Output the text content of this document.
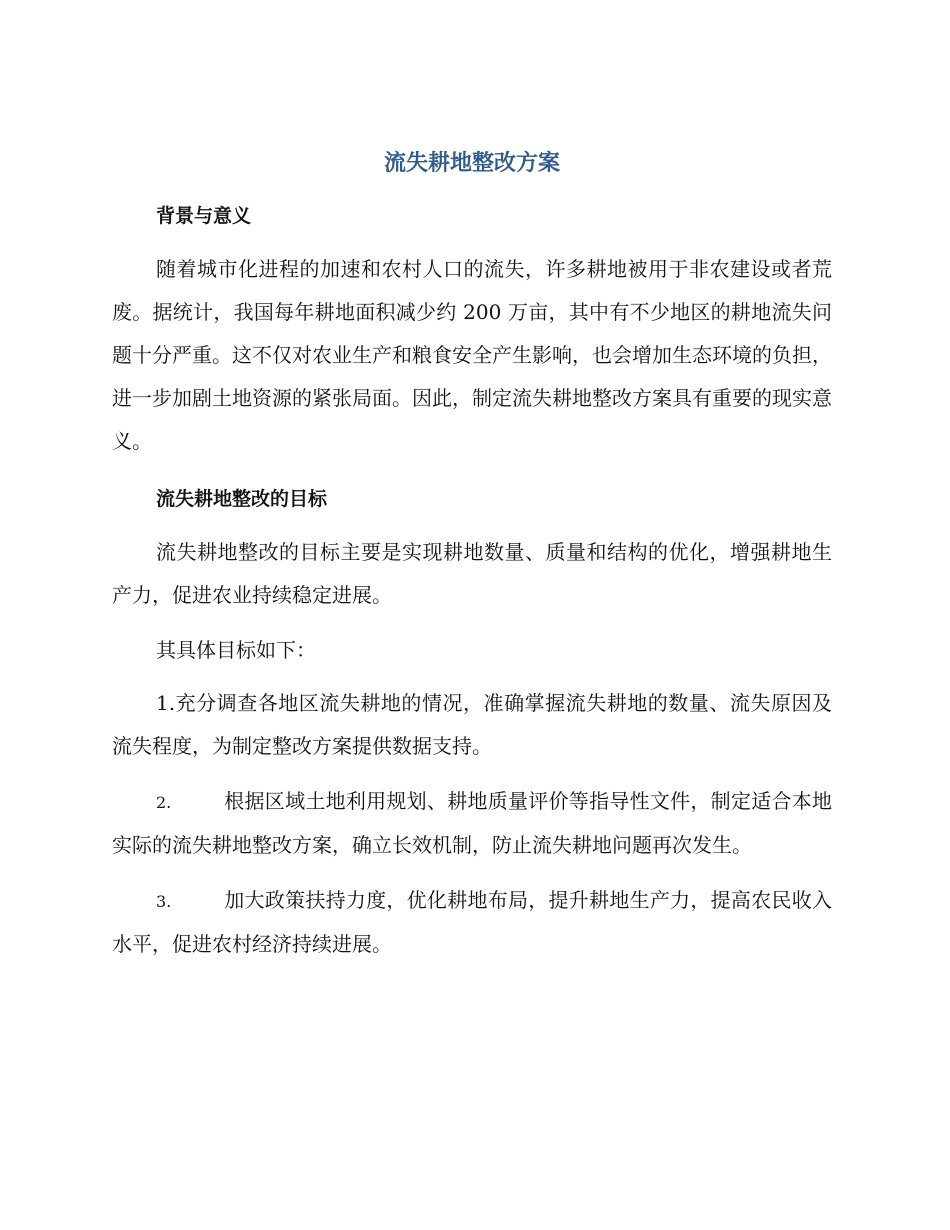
流失耕地整改方案
背景与意义

随着城市化进程的加速和农村人口的流失，许多耕地被用于非农建设或者荒废。据统计，我国每年耕地面积减少约 200 万亩，其中有不少地区的耕地流失问题十分严重。这不仅对农业生产和粮食安全产生影响，也会增加生态环境的负担，进一步加剧土地资源的紧张局面。因此，制定流失耕地整改方案具有重要的现实意义。

流失耕地整改的目标

流失耕地整改的目标主要是实现耕地数量、质量和结构的优化，增强耕地生产力，促进农业持续稳定进展。

其具体目标如下：

1.充分调查各地区流失耕地的情况，准确掌握流失耕地的数量、流失原因及流失程度，为制定整改方案提供数据支持。

2.	根据区域土地利用规划、耕地质量评价等指导性文件，制定适合本地实际的流失耕地整改方案，确立长效机制，防止流失耕地问题再次发生。

3.	加大政策扶持力度，优化耕地布局，提升耕地生产力，提高农民收入水平，促进农村经济持续进展。
